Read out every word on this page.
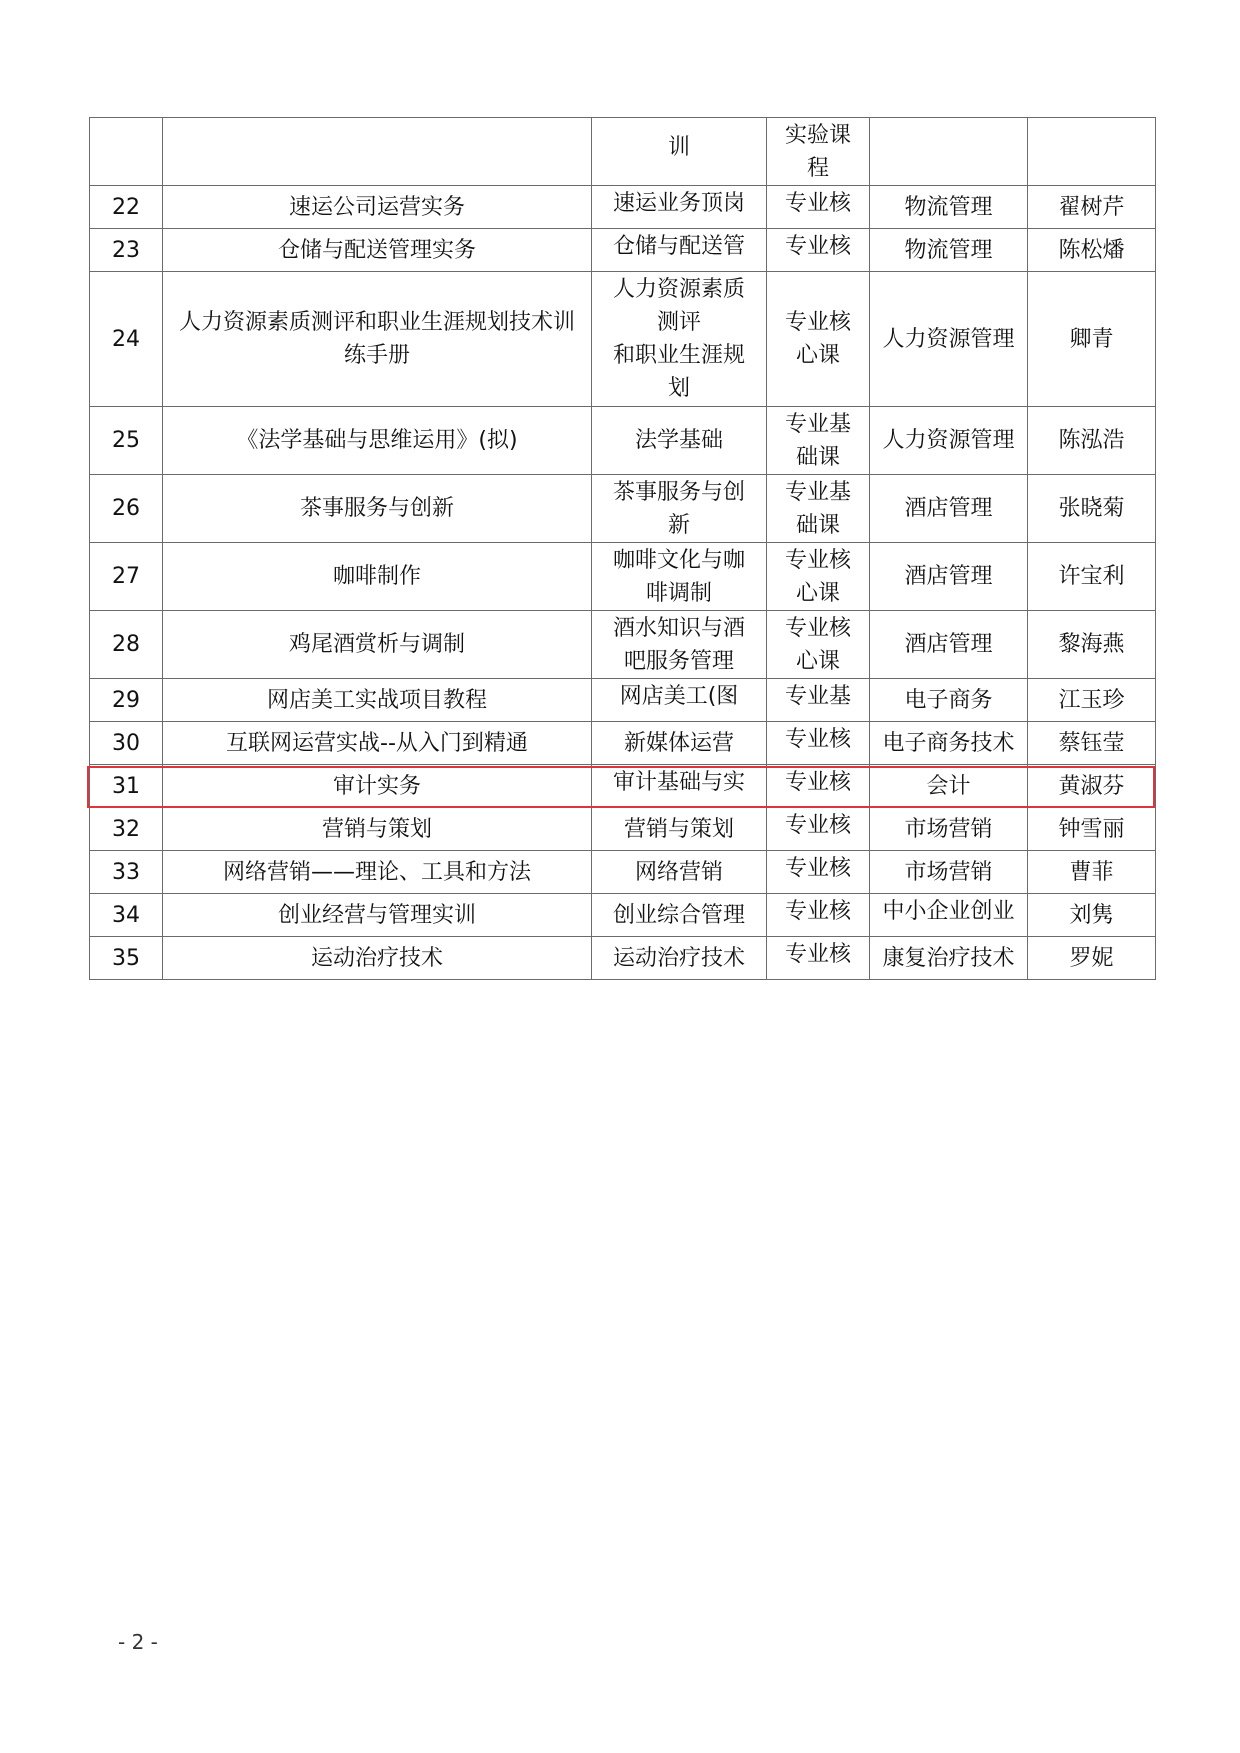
		训	实验课程		

22	速运公司运营实务	速运业务顶岗	专业核	物流管理	翟树芹

23	仓储与配送管理实务	仓储与配送管	专业核	物流管理	陈松燔

24	人力资源素质测评和职业生涯规划技术训练手册	人力资源素质测评
和职业生涯规划	专业核心课	人力资源管理	卿青

25	《法学基础与思维运用》(拟)	法学基础	专业基础课	人力资源管理	陈泓浩

26	茶事服务与创新	茶事服务与创新	专业基础课	酒店管理	张晓菊

27	咖啡制作	咖啡文化与咖啡调制	专业核心课	酒店管理	许宝利

28	鸡尾酒赏析与调制	酒水知识与酒吧服务管理	专业核心课	酒店管理	黎海燕

29	网店美工实战项目教程	网店美工(图	专业基	电子商务	江玉珍

30	互联网运营实战--从入门到精通	新媒体运营	专业核	电子商务技术	蔡钰莹

31	审计实务	审计基础与实	专业核	会计	黄淑芬

32	营销与策划	营销与策划	专业核	市场营销	钟雪丽

33	网络营销——理论、工具和方法	网络营销	专业核	市场营销	曹菲

34	创业经营与管理实训	创业综合管理	专业核	中小企业创业	刘隽

35	运动治疗技术	运动治疗技术	专业核	康复治疗技术	罗妮
- 2 -
